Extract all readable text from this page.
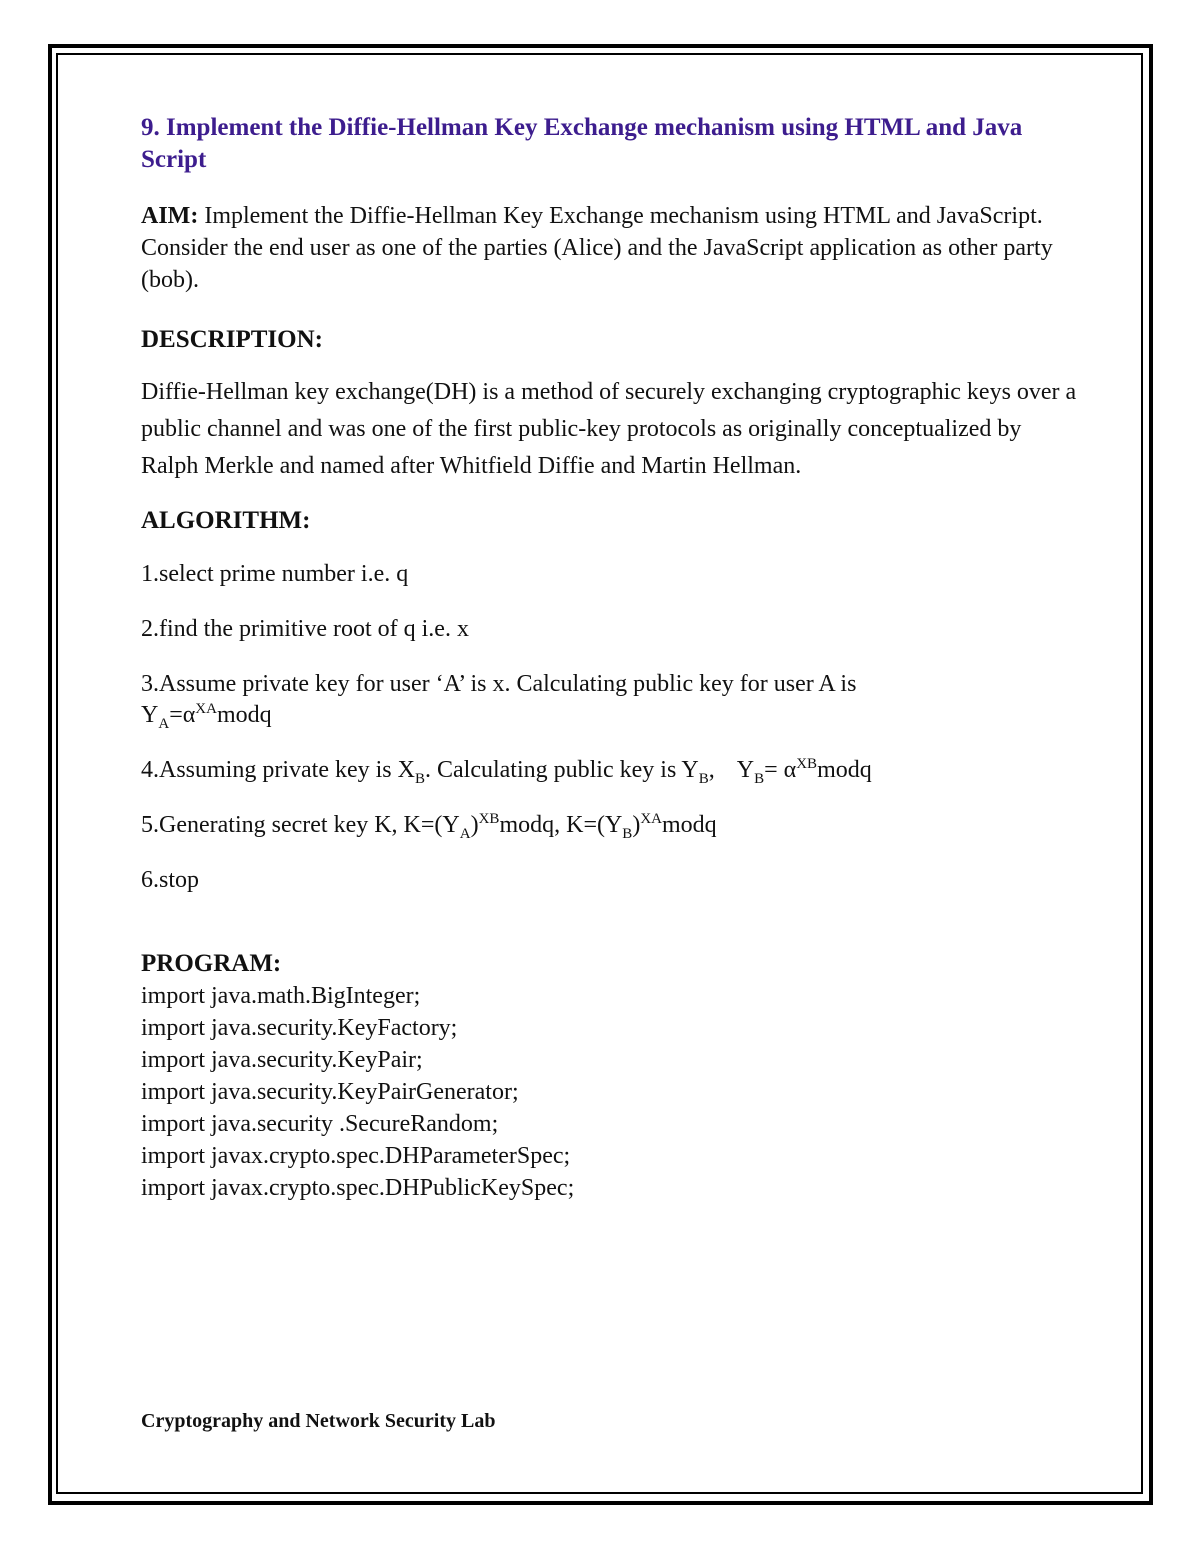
9. Implement the Diffie-Hellman Key Exchange mechanism using HTML and Java Script

AIM: Implement the Diffie-Hellman Key Exchange mechanism using HTML and JavaScript. Consider the end user as one of the parties (Alice) and the JavaScript application as other party (bob).

DESCRIPTION:

Diffie-Hellman key exchange(DH) is a method of securely exchanging cryptographic keys over a public channel and was one of the first public-key protocols as originally conceptualized by Ralph Merkle and named after Whitfield Diffie and Martin Hellman.

ALGORITHM:

1.select prime number i.e. q

2.find the primitive root of q i.e. x

3.Assume private key for user ‘A’ is x. Calculating public key for user A is

$Y_A=\alpha^{XA}modq$

4.Assuming private key is $X_B$. Calculating public key is $Y_B$, $Y_B=$ $\alpha^{XB}modq$

5.Generating secret key K, $K=(Y_A)^{XB}modq$, $K=(Y_B)^{XA}modq$

6.stop

PROGRAM:

import java.math.BigInteger;

import java.security.KeyFactory;

import java.security.KeyPair;

import java.security.KeyPairGenerator;

import java.security .SecureRandom;

import javax.crypto.spec.DHParameterSpec;

import javax.crypto.spec.DHPublicKeySpec;

Cryptography and Network Security Lab
